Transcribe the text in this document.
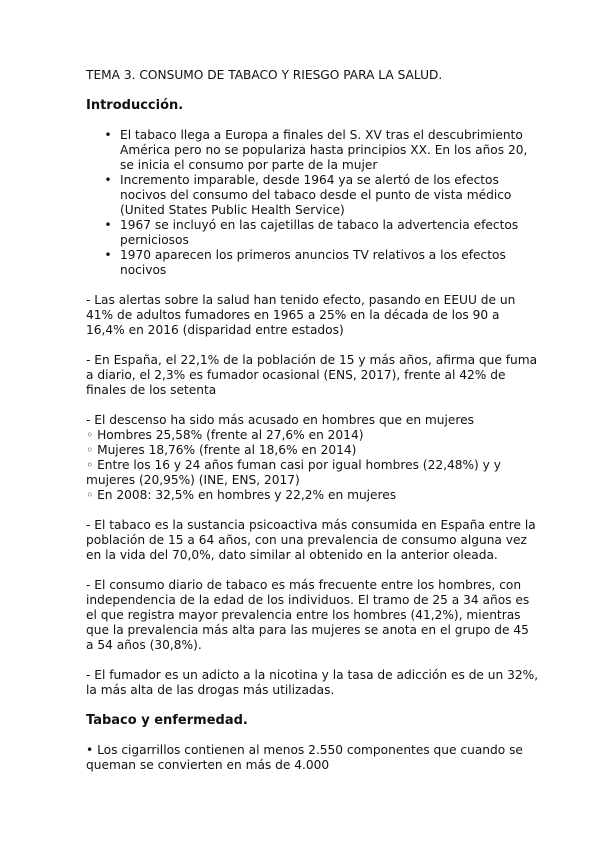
TEMA 3. CONSUMO DE TABACO Y RIESGO PARA LA SALUD.

Introducción.

• El tabaco llega a Europa a finales del S. XV tras el descubrimiento América pero no se popularizа hasta principios XX. En los años 20, se inicia el consumo por parte de la mujer
• Incremento imparable, desde 1964 ya se alertó de los efectos nocivos del consumo del tabaco desde el punto de vista médico (United States Public Health Service)
• 1967 se incluyó en las cajetillas de tabaco la advertencia efectos perniciosos
• 1970 aparecen los primeros anuncios TV relativos a los efectos nocivos
- Las alertas sobre la salud han tenido efecto, pasando en EEUU de un 41% de adultos fumadores en 1965 a 25% en la década de los 90 a 16,4% en 2016 (disparidad entre estados)
- En España, el 22,1% de la población de 15 y más años, afirma que fuma a diario, el 2,3% es fumador ocasional (ENS, 2017), frente al 42% de finales de los setenta
- El descenso ha sido más acusado en hombres que en mujeres
◦ Hombres 25,58% (frente al 27,6% en 2014)
◦ Mujeres 18,76% (frente al 18,6% en 2014)
◦ Entre los 16 y 24 años fuman casi por igual hombres (22,48%) y y mujeres (20,95%) (INE, ENS, 2017)
◦ En 2008: 32,5% en hombres y 22,2% en mujeres
- El tabaco es la sustancia psicoactiva más consumida en España entre la población de 15 a 64 años, con una prevalencia de consumo alguna vez en la vida del 70,0%, dato similar al obtenido en la anterior oleada.
- El consumo diario de tabaco es más frecuente entre los hombres, con independencia de la edad de los individuos. El tramo de 25 a 34 años es el que registra mayor prevalencia entre los hombres (41,2%), mientras que la prevalencia más alta para las mujeres se anota en el grupo de 45 a 54 años (30,8%).
- El fumador es un adicto a la nicotina y la tasa de adicción es de un 32%, la más alta de las drogas más utilizadas.

Tabaco y enfermedad.

• Los cigarrillos contienen al menos 2.550 componentes que cuando se queman se convierten en más de 4.000
